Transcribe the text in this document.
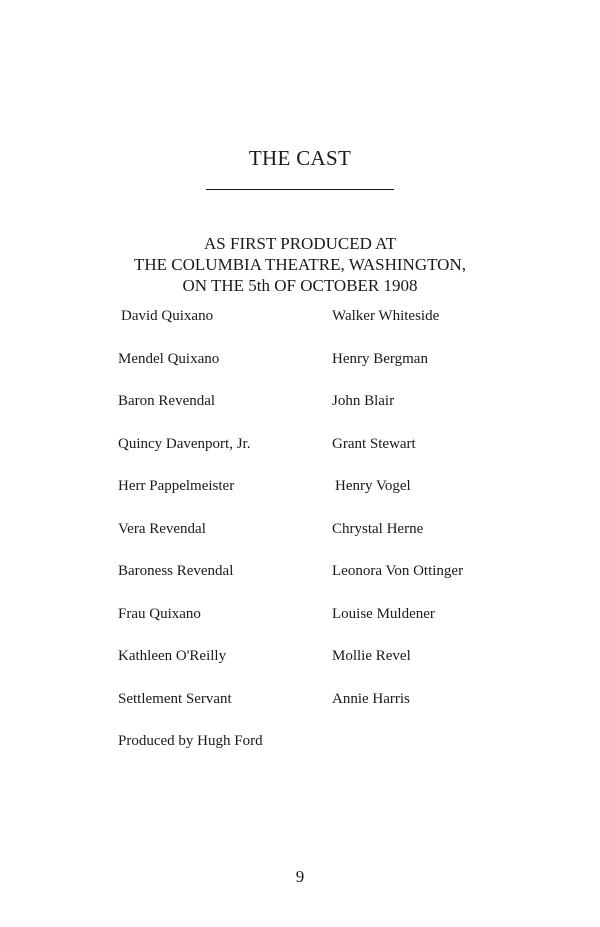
THE CAST
AS FIRST PRODUCED AT
THE COLUMBIA THEATRE, WASHINGTON,
ON THE 5th OF OCTOBER 1908
David Quixano	Walker Whiteside
Mendel Quixano	Henry Bergman
Baron Revendal	John Blair
Quincy Davenport, Jr.	Grant Stewart
Herr Pappelmeister	Henry Vogel
Vera Revendal	Chrystal Herne
Baroness Revendal	Leonora Von Ottinger
Frau Quixano	Louise Muldener
Kathleen O'Reilly	Mollie Revel
Settlement Servant	Annie Harris
Produced by Hugh Ford
9
